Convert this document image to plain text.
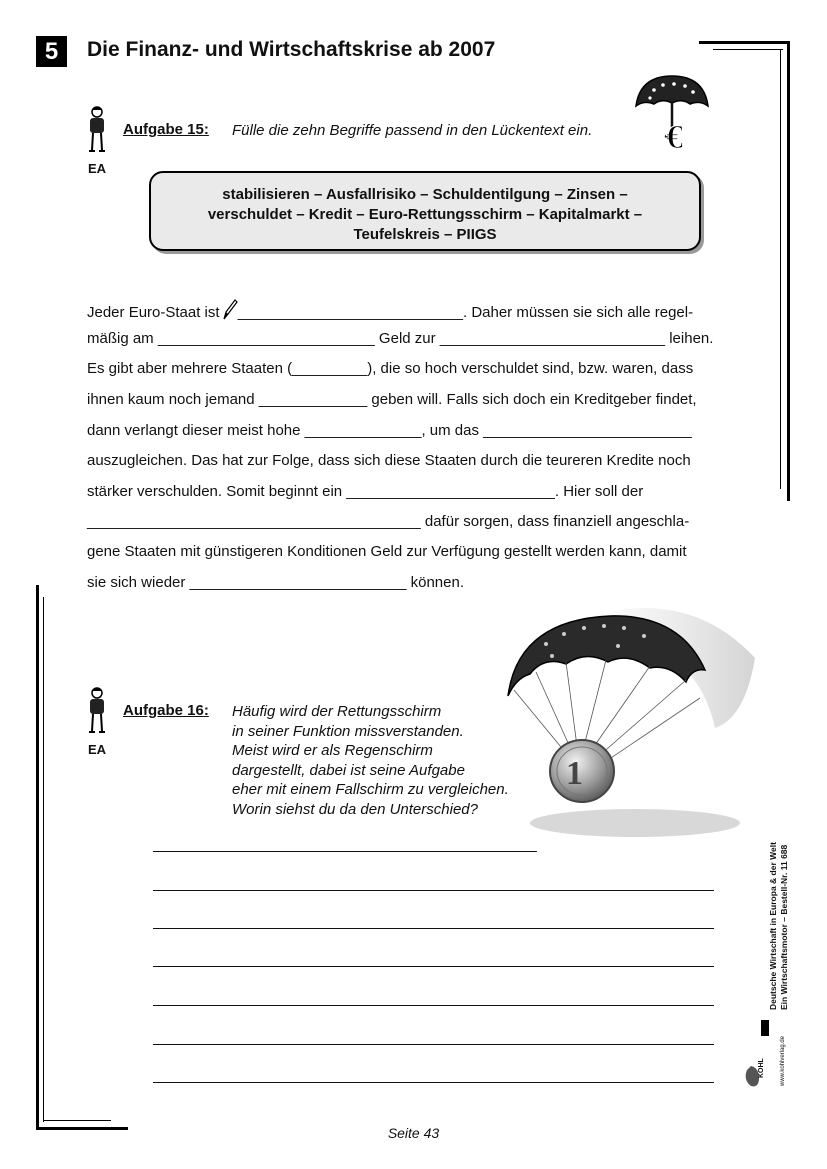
5	Die Finanz- und Wirtschaftskrise ab 2007
€
EA
Aufgabe 15: Fülle die zehn Begriffe passend in den Lückentext ein.
stabilisieren – Ausfallrisiko – Schuldentilgung – Zinsen –
verschuldet – Kredit – Euro-Rettungsschirm – Kapitalmarkt –
Teufelskreis – PIIGS
Jeder Euro-Staat ist ___________________________. Daher müssen sie sich alle regel-
mäßig am __________________________ Geld zur ___________________________ leihen.
Es gibt aber mehrere Staaten (_________), die so hoch verschuldet sind, bzw. waren, dass
ihnen kaum noch jemand _____________ geben will. Falls sich doch ein Kreditgeber findet,
dann verlangt dieser meist hohe ______________, um das _________________________
auszugleichen. Das hat zur Folge, dass sich diese Staaten durch die teureren Kredite noch
stärker verschulden. Somit beginnt ein _________________________. Hier soll der
________________________________________ dafür sorgen, dass finanziell angeschla-
gene Staaten mit günstigeren Konditionen Geld zur Verfügung gestellt werden kann, damit
sie sich wieder __________________________ können.
1
EA
Aufgabe 16: Häufig wird der Rettungsschirm
in seiner Funktion missverstanden.
Meist wird er als Regenschirm
dargestellt, dabei ist seine Aufgabe
eher mit einem Fallschirm zu vergleichen.
Worin siehst du da den Unterschied?
Deutsche Wirtschaft in Europa & der Welt Ein Wirtschaftsmotor – Bestell-Nr. 11 688
KOHL	www.kohlverlag.de
Seite 43
